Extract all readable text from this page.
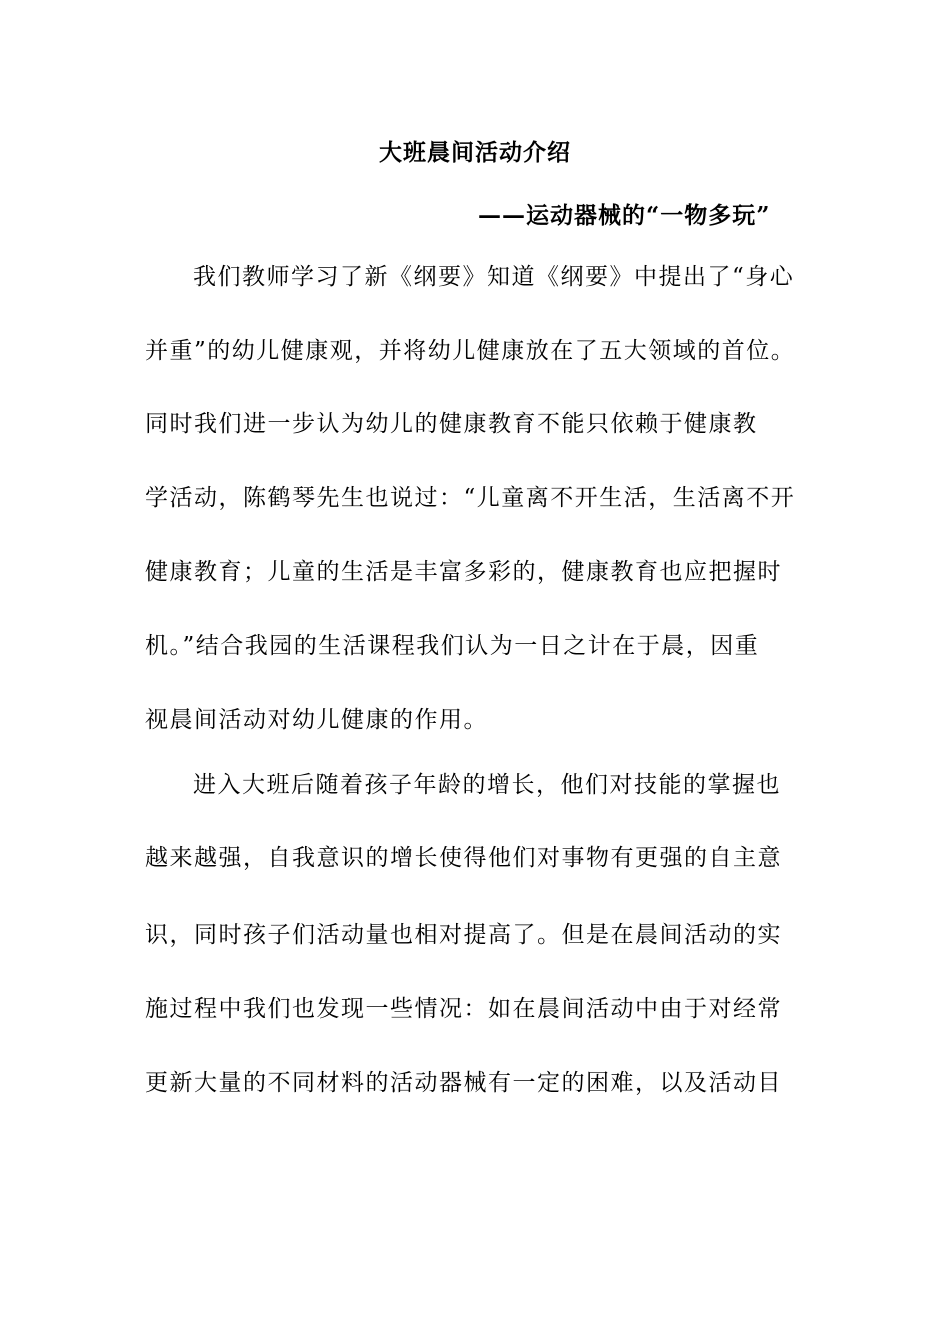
大班晨间活动介绍
——运动器械的“一物多玩”
我们教师学习了新《纲要》知道《纲要》中提出了“身心
并重”的幼儿健康观，并将幼儿健康放在了五大领域的首位。
同时我们进一步认为幼儿的健康教育不能只依赖于健康教
学活动，陈鹤琴先生也说过：“儿童离不开生活，生活离不开
健康教育；儿童的生活是丰富多彩的，健康教育也应把握时
机。”结合我园的生活课程我们认为一日之计在于晨，因重
视晨间活动对幼儿健康的作用。
进入大班后随着孩子年龄的增长，他们对技能的掌握也
越来越强，自我意识的增长使得他们对事物有更强的自主意
识，同时孩子们活动量也相对提高了。但是在晨间活动的实
施过程中我们也发现一些情况：如在晨间活动中由于对经常
更新大量的不同材料的活动器械有一定的困难，以及活动目
